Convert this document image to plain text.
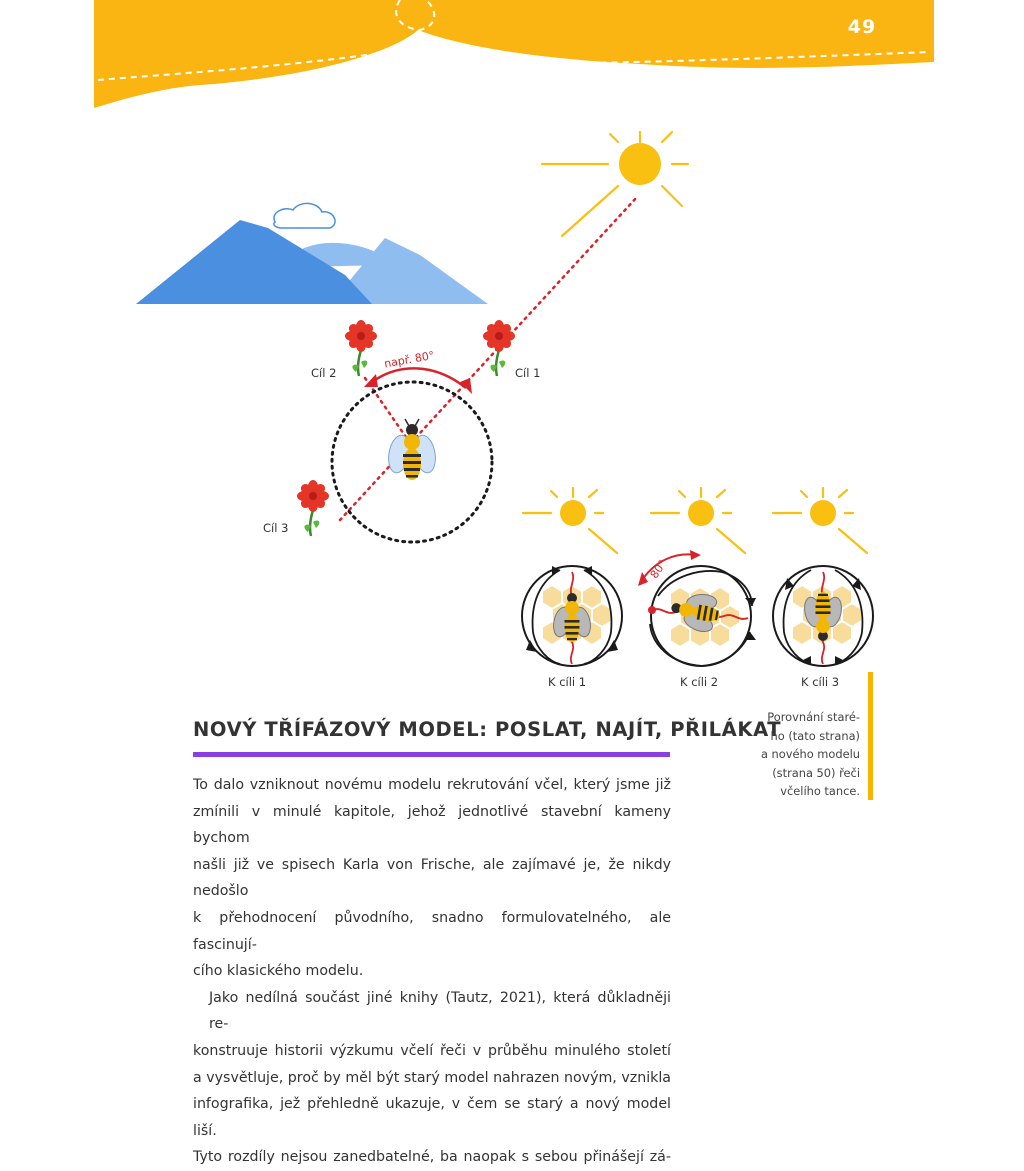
např. 80°
Cíl 1
Cíl 2
Cíl 3
80°
K cíli 1	K cíli 2	K cíli 3
49
NOVÝ TŘÍFÁZOVÝ MODEL: POSLAT, NAJÍT, PŘILÁKAT

To dalo vzniknout novému modelu rekrutování včel, který jsme již
zmínili v minulé kapitole, jehož jednotlivé stavební kameny bychom
našli již ve spisech Karla von Frische, ale zajímavé je, že nikdy nedošlo
k přehodnocení původního, snadno formulovatelného, ale fascinují-
cího klasického modelu.

Jako nedílná součást jiné knihy (Tautz, 2021), která důkladněji re-
konstruuje historii výzkumu včelí řeči v průběhu minulého století
a vysvětluje, proč by měl být starý model nahrazen novým, vznikla
infografika, jež přehledně ukazuje, v čem se starý a nový model liší.
Tyto rozdíly nejsou zanedbatelné, ba naopak s sebou přinášejí zá-

Porovnání staré-
ho (tato strana)
a nového modelu
(strana 50) řeči
včelího tance.
